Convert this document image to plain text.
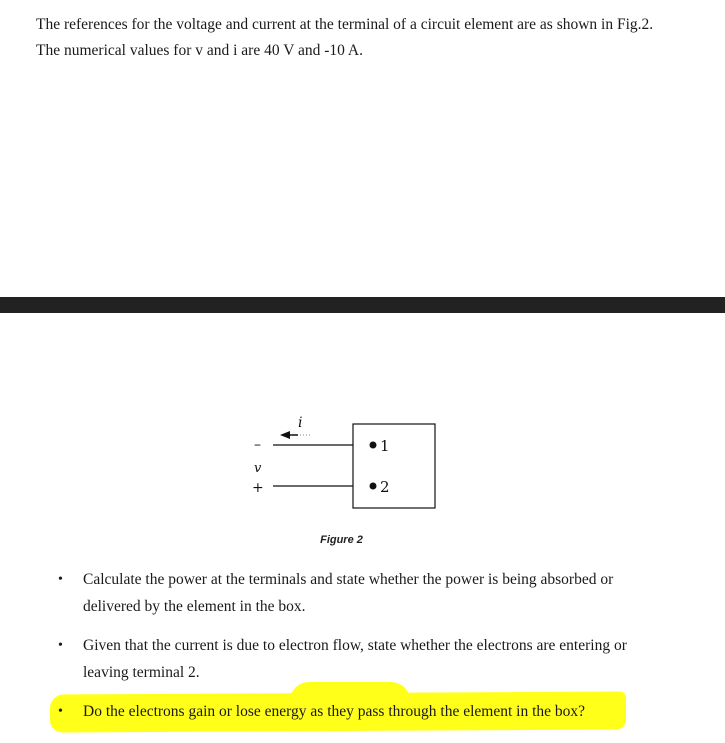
The references for the voltage and current at the terminal of a circuit element are as shown in Fig.2.

The numerical values for v and i are 40 V and -10 A.

i
–
v
+
1
2
Figure 2
• Calculate the power at the terminals and state whether the power is being absorbed or delivered by the element in the box.
• Given that the current is due to electron flow, state whether the electrons are entering or leaving terminal 2.
• Do the electrons gain or lose energy as they pass through the element in the box?
